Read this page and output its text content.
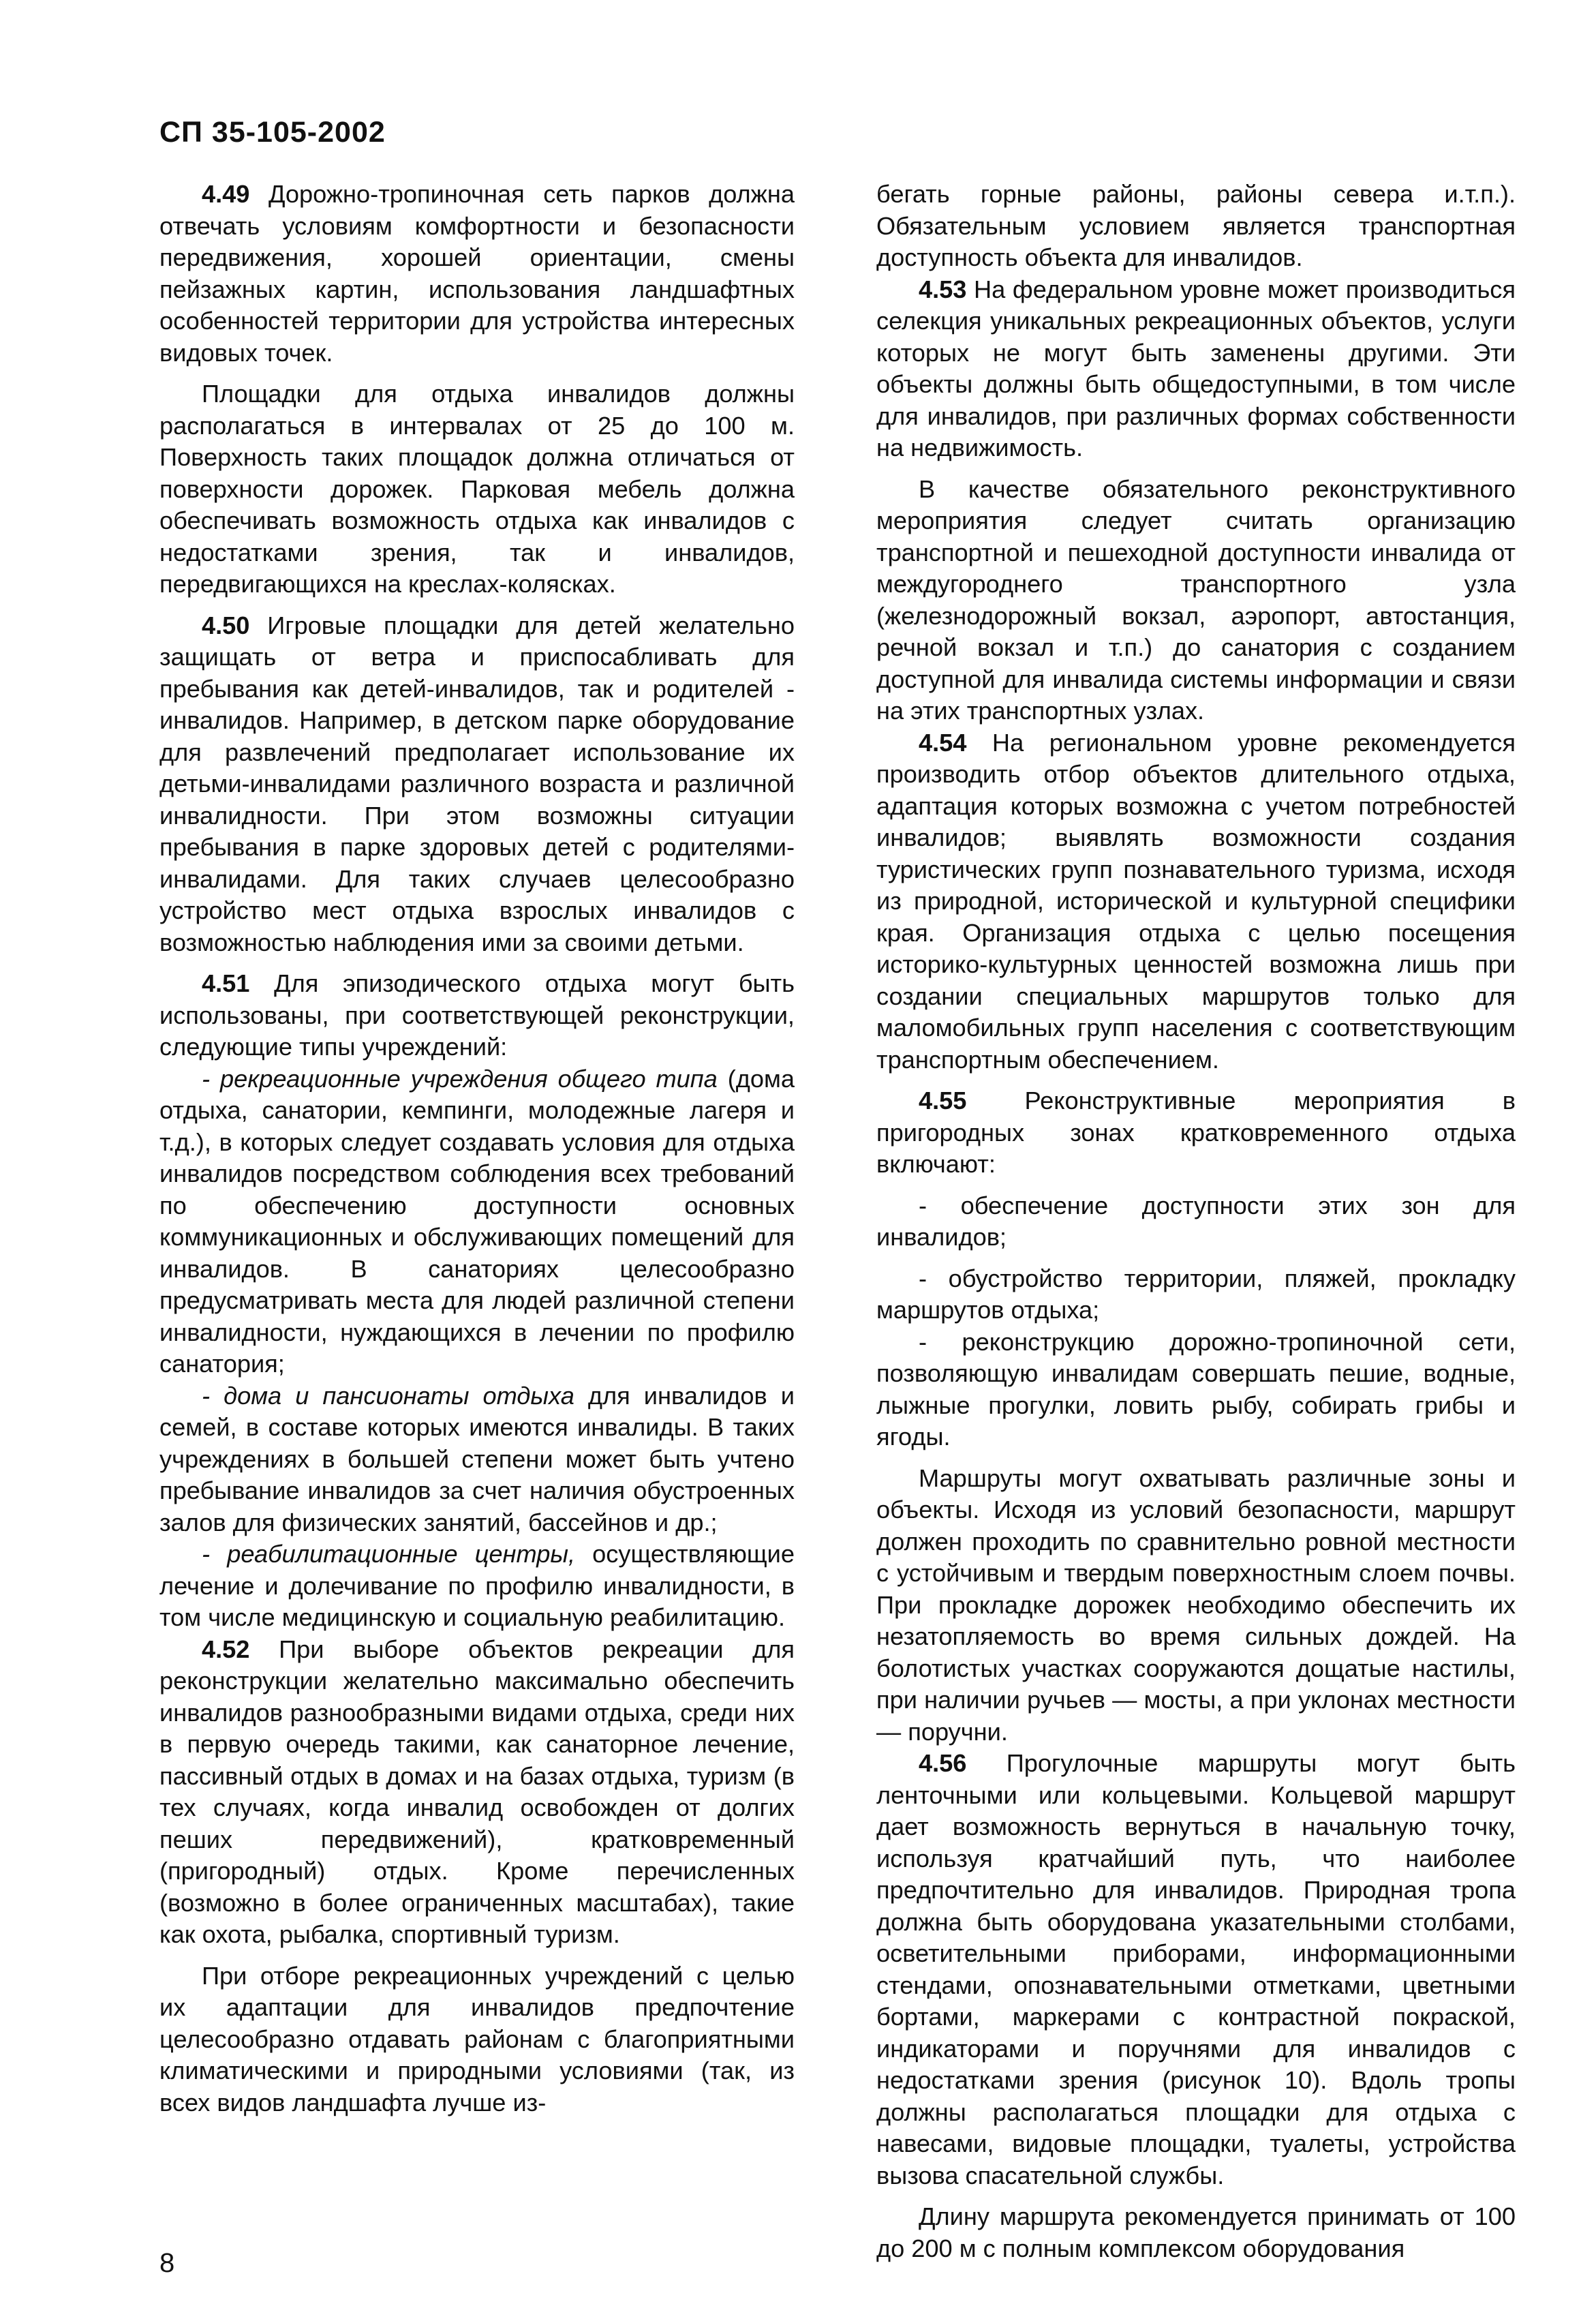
СП 35-105-2002

4.49 Дорожно-тропиночная сеть парков должна отвечать условиям комфортности и безопасности передвижения, хорошей ориентации, смены пейзажных картин, использования ландшафтных особенностей территории для устройства интересных видовых точек.

Площадки для отдыха инвалидов должны располагаться в интервалах от 25 до 100 м. Поверхность таких площадок должна отличаться от поверхности дорожек. Парковая мебель должна обеспечивать возможность отдыха как инвалидов с недостатками зрения, так и инвалидов, передвигающихся на креслах-колясках.

4.50 Игровые площадки для детей желательно защищать от ветра и приспосабливать для пребывания как детей-инвалидов, так и родителей - инвалидов. Например, в детском парке оборудование для развлечений предполагает использование их детьми-инвалидами различного возраста и различной инвалидности. При этом возможны ситуации пребывания в парке здоровых детей с родителями-инвалидами. Для таких случаев целесообразно устройство мест отдыха взрослых инвалидов с возможностью наблюдения ими за своими детьми.

4.51 Для эпизодического отдыха могут быть использованы, при соответствующей реконструкции, следующие типы учреждений:

- рекреационные учреждения общего типа (дома отдыха, санатории, кемпинги, молодежные лагеря и т.д.), в которых следует создавать условия для отдыха инвалидов посредством соблюдения всех требований по обеспечению доступности основных коммуникационных и обслуживающих помещений для инвалидов. В санаториях целесообразно предусматривать места для людей различной степени инвалидности, нуждающихся в лечении по профилю санатория;

- дома и пансионаты отдыха для инвалидов и семей, в составе которых имеются инвалиды. В таких учреждениях в большей степени может быть учтено пребывание инвалидов за счет наличия обустроенных залов для физических занятий, бассейнов и др.;

- реабилитационные центры, осуществляющие лечение и долечивание по профилю инвалидности, в том числе медицинскую и социальную реабилитацию.

4.52 При выборе объектов рекреации для реконструкции желательно максимально обеспечить инвалидов разнообразными видами отдыха, среди них в первую очередь такими, как санаторное лечение, пассивный отдых в домах и на базах отдыха, туризм (в тех случаях, когда инвалид освобожден от долгих пеших передвижений), кратковременный (пригородный) отдых. Кроме перечисленных (возможно в более ограниченных масштабах), такие как охота, рыбалка, спортивный туризм.

При отборе рекреационных учреждений с целью их адаптации для инвалидов предпочтение целесообразно отдавать районам с благоприятными климатическими и природными условиями (так, из всех видов ландшафта лучше из-

бегать горные районы, районы севера и.т.п.). Обязательным условием является транспортная доступность объекта для инвалидов.

4.53 На федеральном уровне может производиться селекция уникальных рекреационных объектов, услуги которых не могут быть заменены другими. Эти объекты должны быть общедоступными, в том числе для инвалидов, при различных формах собственности на недвижимость.

В качестве обязательного реконструктивного мероприятия следует считать организацию транспортной и пешеходной доступности инвалида от междугороднего транспортного узла (железнодорожный вокзал, аэропорт, автостанция, речной вокзал и т.п.) до санатория с созданием доступной для инвалида системы информации и связи на этих транспортных узлах.

4.54 На региональном уровне рекомендуется производить отбор объектов длительного отдыха, адаптация которых возможна с учетом потребностей инвалидов; выявлять возможности создания туристических групп познавательного туризма, исходя из природной, исторической и культурной специфики края. Организация отдыха с целью посещения историко-культурных ценностей возможна лишь при создании специальных маршрутов только для маломобильных групп населения с соответствующим транспортным обеспечением.

4.55 Реконструктивные мероприятия в пригородных зонах кратковременного отдыха включают:

- обеспечение доступности этих зон для инвалидов;

- обустройство территории, пляжей, прокладку маршрутов отдыха;

- реконструкцию дорожно-тропиночной сети, позволяющую инвалидам совершать пешие, водные, лыжные прогулки, ловить рыбу, собирать грибы и ягоды.

Маршруты могут охватывать различные зоны и объекты. Исходя из условий безопасности, маршрут должен проходить по сравнительно ровной местности с устойчивым и твердым поверхностным слоем почвы. При прокладке дорожек необходимо обеспечить их незатопляемость во время сильных дождей. На болотистых участках сооружаются дощатые настилы, при наличии ручьев — мосты, а при уклонах местности — поручни.

4.56 Прогулочные маршруты могут быть ленточными или кольцевыми. Кольцевой маршрут дает возможность вернуться в начальную точку, используя кратчайший путь, что наиболее предпочтительно для инвалидов. Природная тропа должна быть оборудована указательными столбами, осветительными приборами, информационными стендами, опознавательными отметками, цветными бортами, маркерами с контрастной покраской, индикаторами и поручнями для инвалидов с недостатками зрения (рисунок 10). Вдоль тропы должны располагаться площадки для отдыха с навесами, видовые площадки, туалеты, устройства вызова спасательной службы.

Длину маршрута рекомендуется принимать от 100 до 200 м с полным комплексом оборудования

8
